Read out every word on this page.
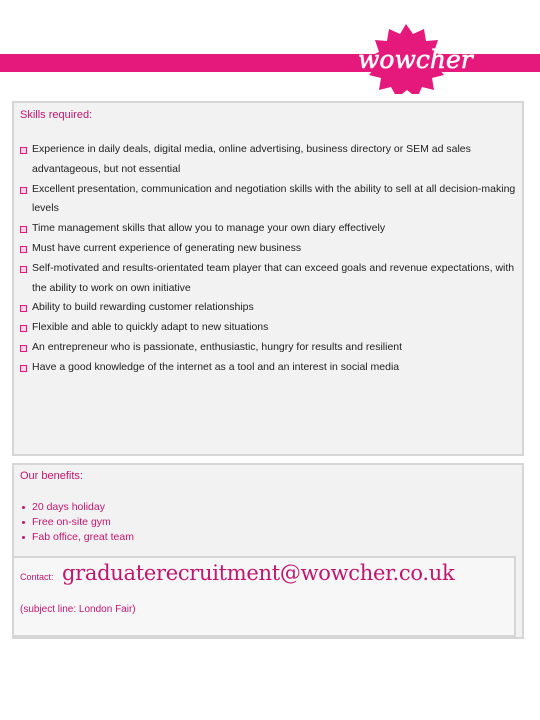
wowcher
.co.uk
Skills required:
Experience in daily deals, digital media, online advertising, business directory or SEM ad sales advantageous, but not essential
Excellent presentation, communication and negotiation skills with the ability to sell at all decision-making levels
Time management skills that allow you to manage your own diary effectively
Must have current experience of generating new business
Self-motivated and results-orientated team player that can exceed goals and revenue expectations, with the ability to work on own initiative
Ability to build rewarding customer relationships
Flexible and able to quickly adapt to new situations
An entrepreneur who is passionate, enthusiastic, hungry for results and resilient
Have a good knowledge of the internet as a tool and an interest in social media
Our benefits:
20 days holiday
Free on-site gym
Fab office, great team
Contact: graduaterecruitment@wowcher.co.uk
(subject line: London Fair)
